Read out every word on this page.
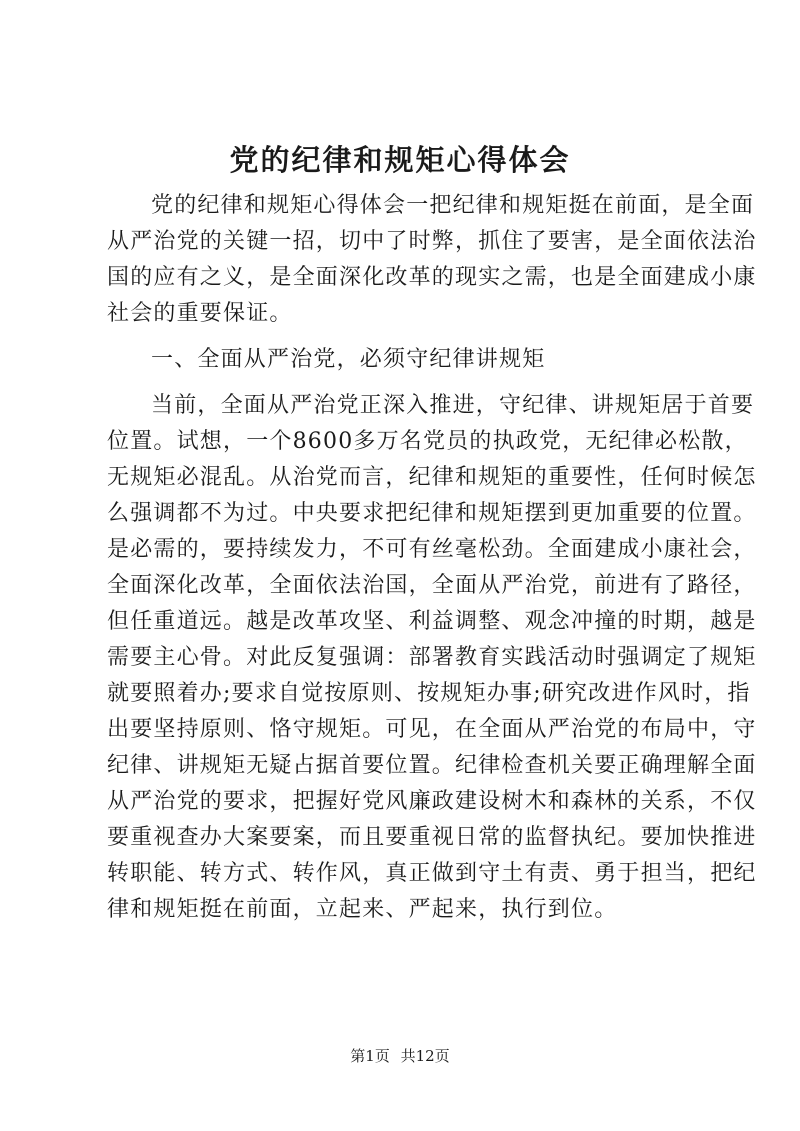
党的纪律和规矩心得体会
党的纪律和规矩心得体会一把纪律和规矩挺在前面，是全面
从严治党的关键一招，切中了时弊，抓住了要害，是全面依法治
国的应有之义，是全面深化改革的现实之需，也是全面建成小康
社会的重要保证。
一、全面从严治党，必须守纪律讲规矩
当前，全面从严治党正深入推进，守纪律、讲规矩居于首要
位置。试想，一个8600多万名党员的执政党，无纪律必松散，
无规矩必混乱。从治党而言，纪律和规矩的重要性，任何时候怎
么强调都不为过。中央要求把纪律和规矩摆到更加重要的位置。
是必需的，要持续发力，不可有丝毫松劲。全面建成小康社会，
全面深化改革，全面依法治国，全面从严治党，前进有了路径，
但任重道远。越是改革攻坚、利益调整、观念冲撞的时期，越是
需要主心骨。对此反复强调：部署教育实践活动时强调定了规矩
就要照着办;要求自觉按原则、按规矩办事;研究改进作风时，指
出要坚持原则、恪守规矩。可见，在全面从严治党的布局中，守
纪律、讲规矩无疑占据首要位置。纪律检查机关要正确理解全面
从严治党的要求，把握好党风廉政建设树木和森林的关系，不仅
要重视查办大案要案，而且要重视日常的监督执纪。要加快推进
转职能、转方式、转作风，真正做到守土有责、勇于担当，把纪
律和规矩挺在前面，立起来、严起来，执行到位。
第1页 共12页
